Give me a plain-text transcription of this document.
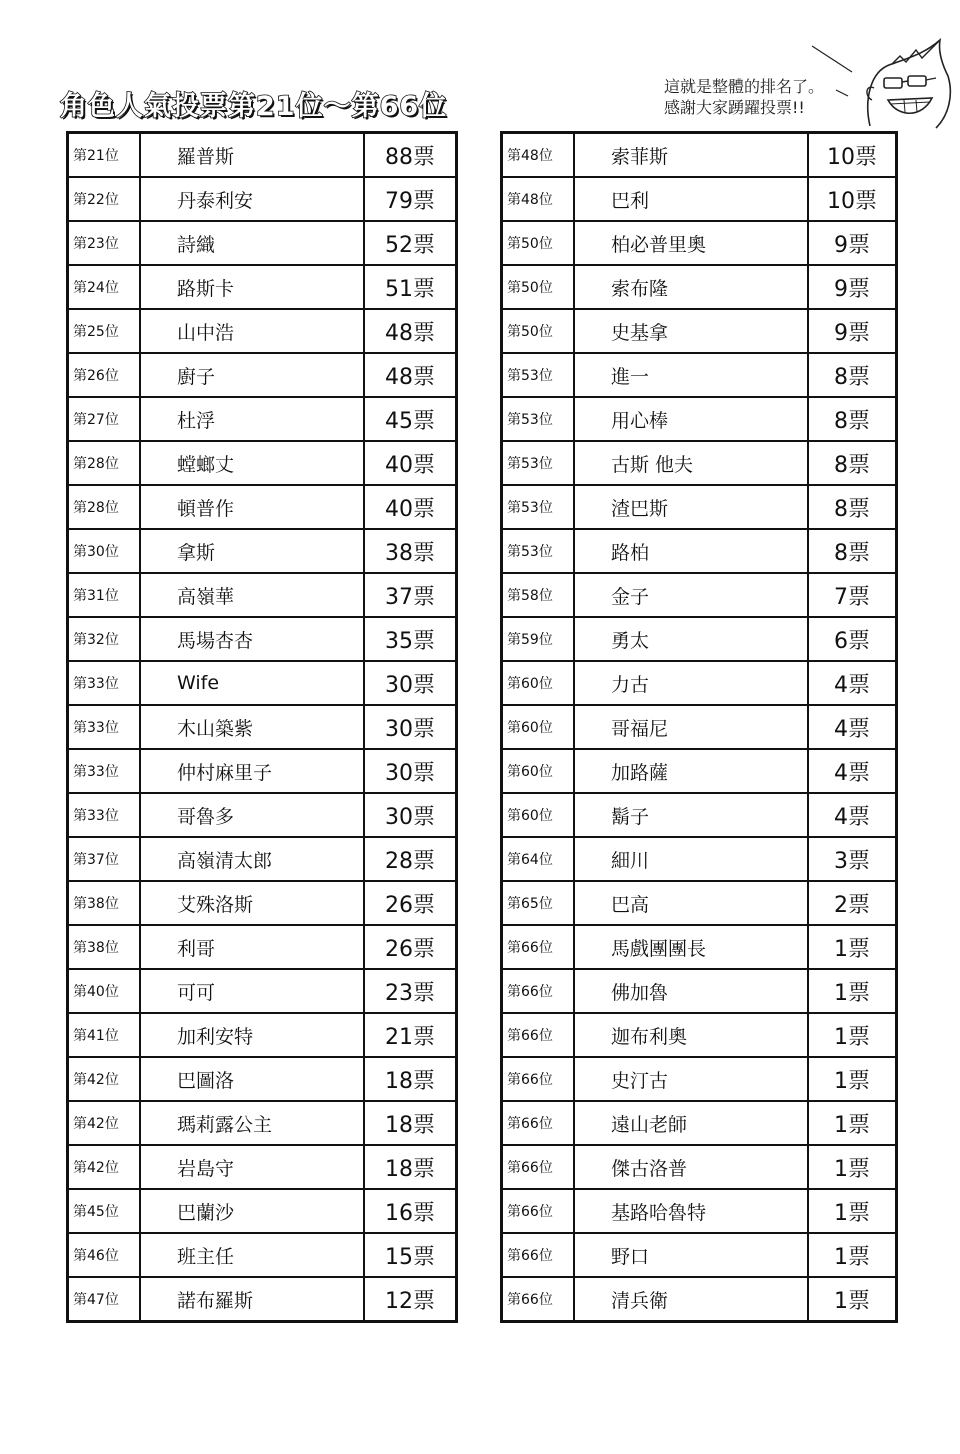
角色人氣投票第21位～第66位
這就是整體的排名了。
感謝大家踴躍投票!!
第21位	羅普斯	88票
第22位	丹泰利安	79票
第23位	詩織	52票
第24位	路斯卡	51票
第25位	山中浩	48票
第26位	廚子	48票
第27位	杜浮	45票
第28位	螳螂丈	40票
第28位	頓普作	40票
第30位	拿斯	38票
第31位	高嶺華	37票
第32位	馬場杏杏	35票
第33位	Wife	30票
第33位	木山築紫	30票
第33位	仲村麻里子	30票
第33位	哥魯多	30票
第37位	高嶺清太郎	28票
第38位	艾殊洛斯	26票
第38位	利哥	26票
第40位	可可	23票
第41位	加利安特	21票
第42位	巴圖洛	18票
第42位	瑪莉露公主	18票
第42位	岩島守	18票
第45位	巴蘭沙	16票
第46位	班主任	15票
第47位	諾布羅斯	12票
第48位	索菲斯	10票
第48位	巴利	10票
第50位	柏必普里奧	9票
第50位	索布隆	9票
第50位	史基拿	9票
第53位	進一	8票
第53位	用心棒	8票
第53位	古斯 他夫	8票
第53位	渣巴斯	8票
第53位	路柏	8票
第58位	金子	7票
第59位	勇太	6票
第60位	力古	4票
第60位	哥福尼	4票
第60位	加路薩	4票
第60位	鬍子	4票
第64位	細川	3票
第65位	巴高	2票
第66位	馬戲團團長	1票
第66位	佛加魯	1票
第66位	迦布利奧	1票
第66位	史汀古	1票
第66位	遠山老師	1票
第66位	傑古洛普	1票
第66位	基路哈魯特	1票
第66位	野口	1票
第66位	清兵衛	1票
